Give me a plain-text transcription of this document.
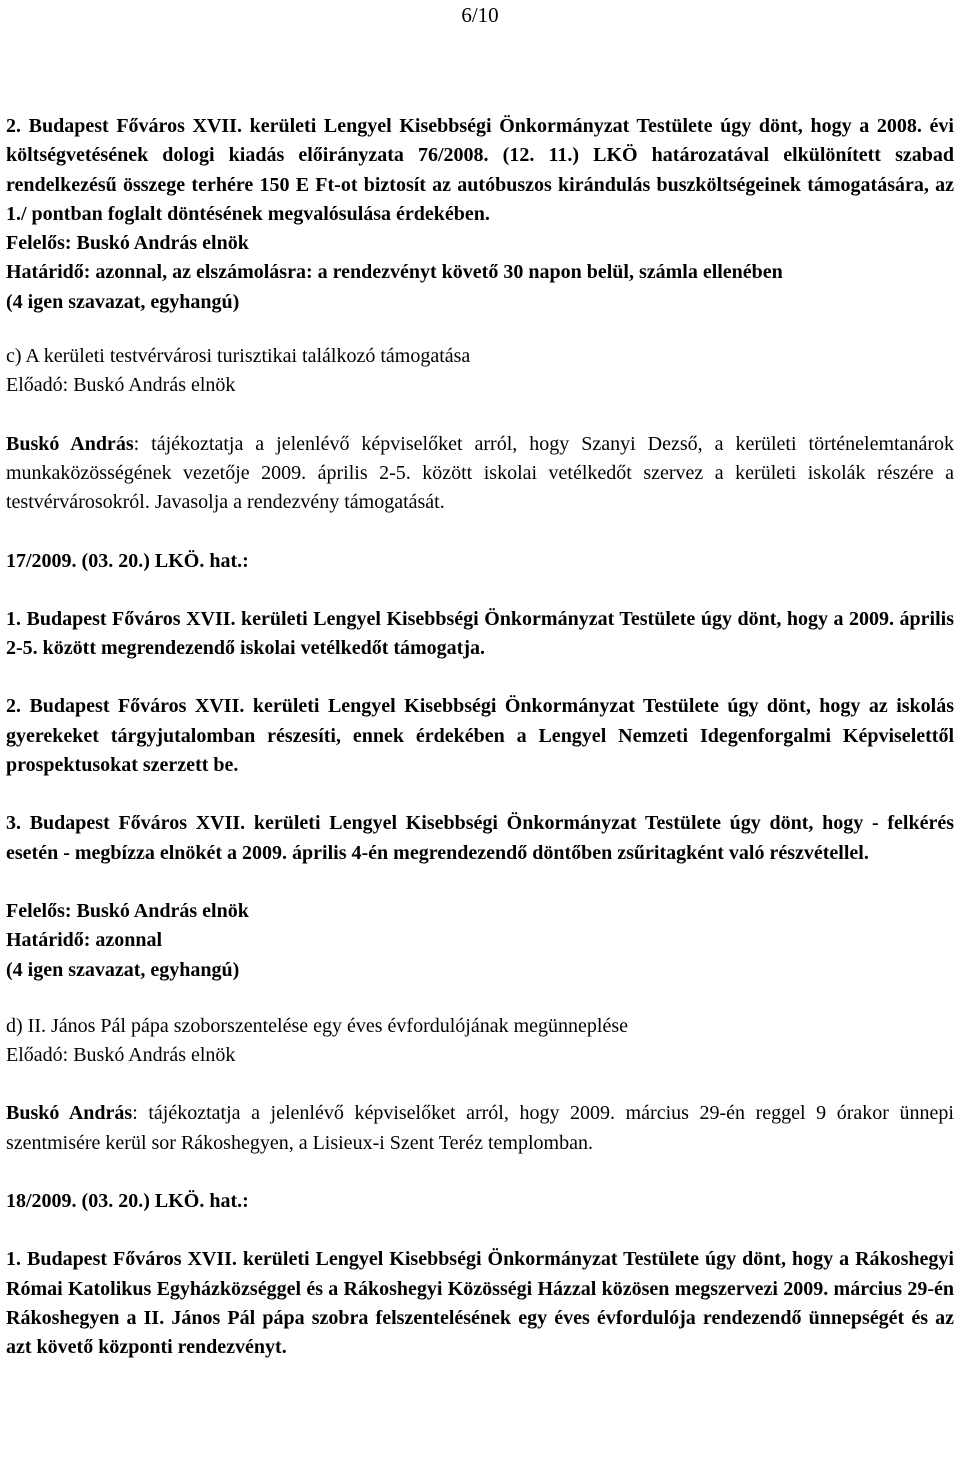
6/10

2. Budapest Főváros XVII. kerületi Lengyel Kisebbségi Önkormányzat Testülete úgy dönt, hogy a 2008. évi költségvetésének dologi kiadás előirányzata 76/2008. (12. 11.) LKÖ határozatával elkülönített szabad rendelkezésű összege terhére 150 E Ft-ot biztosít az autóbuszos kirándulás buszköltségeinek támogatására, az 1./ pontban foglalt döntésének megvalósulása érdekében.

Felelős: Buskó András elnök

Határidő: azonnal, az elszámolásra: a rendezvényt követő 30 napon belül, számla ellenében

(4 igen szavazat, egyhangú)

c) A kerületi testvérvárosi turisztikai találkozó támogatása

Előadó: Buskó András elnök

Buskó András: tájékoztatja a jelenlévő képviselőket arról, hogy Szanyi Dezső, a kerületi történelemtanárok munkaközösségének vezetője 2009. április 2-5. között iskolai vetélkedőt szervez a kerületi iskolák részére a testvérvárosokról. Javasolja a rendezvény támogatását.

17/2009. (03. 20.) LKÖ. hat.:

1. Budapest Főváros XVII. kerületi Lengyel Kisebbségi Önkormányzat Testülete úgy dönt, hogy a 2009. április 2-5. között megrendezendő iskolai vetélkedőt támogatja.

2. Budapest Főváros XVII. kerületi Lengyel Kisebbségi Önkormányzat Testülete úgy dönt, hogy az iskolás gyerekeket tárgyjutalomban részesíti, ennek érdekében a Lengyel Nemzeti Idegenforgalmi Képviselettől prospektusokat szerzett be.

3. Budapest Főváros XVII. kerületi Lengyel Kisebbségi Önkormányzat Testülete úgy dönt, hogy - felkérés esetén - megbízza elnökét a 2009. április 4-én megrendezendő döntőben zsűritagként való részvétellel.

Felelős: Buskó András elnök

Határidő: azonnal

(4 igen szavazat, egyhangú)

d) II. János Pál pápa szoborszentelése egy éves évfordulójának megünneplése

Előadó: Buskó András elnök

Buskó András: tájékoztatja a jelenlévő képviselőket arról, hogy 2009. március 29-én reggel 9 órakor ünnepi szentmisére kerül sor Rákoshegyen, a Lisieux-i Szent Teréz templomban.

18/2009. (03. 20.) LKÖ. hat.:

1. Budapest Főváros XVII. kerületi Lengyel Kisebbségi Önkormányzat Testülete úgy dönt, hogy a Rákoshegyi Római Katolikus Egyházközséggel és a Rákoshegyi Közösségi Házzal közösen megszervezi 2009. március 29-én Rákoshegyen a II. János Pál pápa szobra felszentelésének egy éves évfordulója rendezendő ünnepségét és az azt követő központi rendezvényt.
